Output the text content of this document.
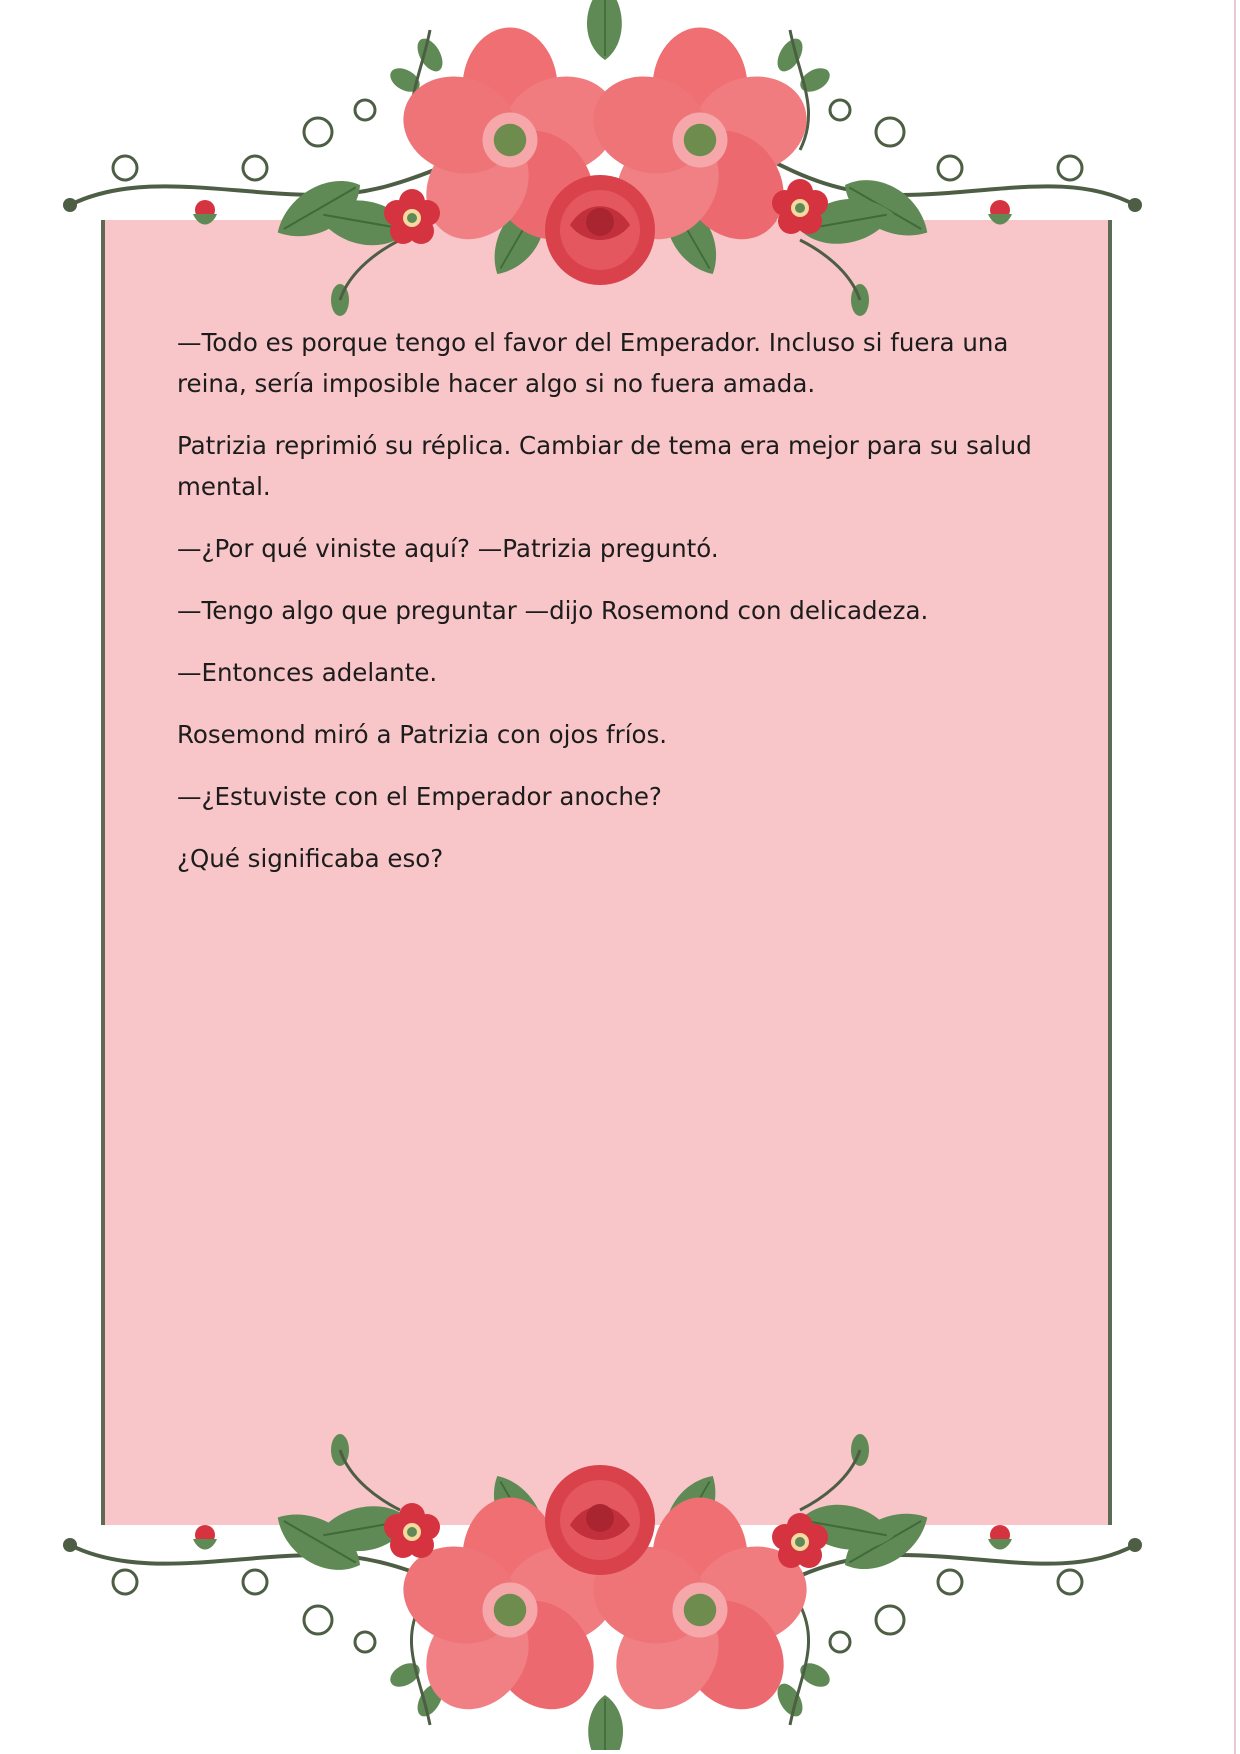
—Todo es porque tengo el favor del Emperador. Incluso si fuera una reina, sería imposible hacer algo si no fuera amada.

Patrizia reprimió su réplica. Cambiar de tema era mejor para su salud mental.

—¿Por qué viniste aquí? —Patrizia preguntó.

—Tengo algo que preguntar —dijo Rosemond con delicadeza.

—Entonces adelante.

Rosemond miró a Patrizia con ojos fríos.

—¿Estuviste con el Emperador anoche?

¿Qué significaba eso?
